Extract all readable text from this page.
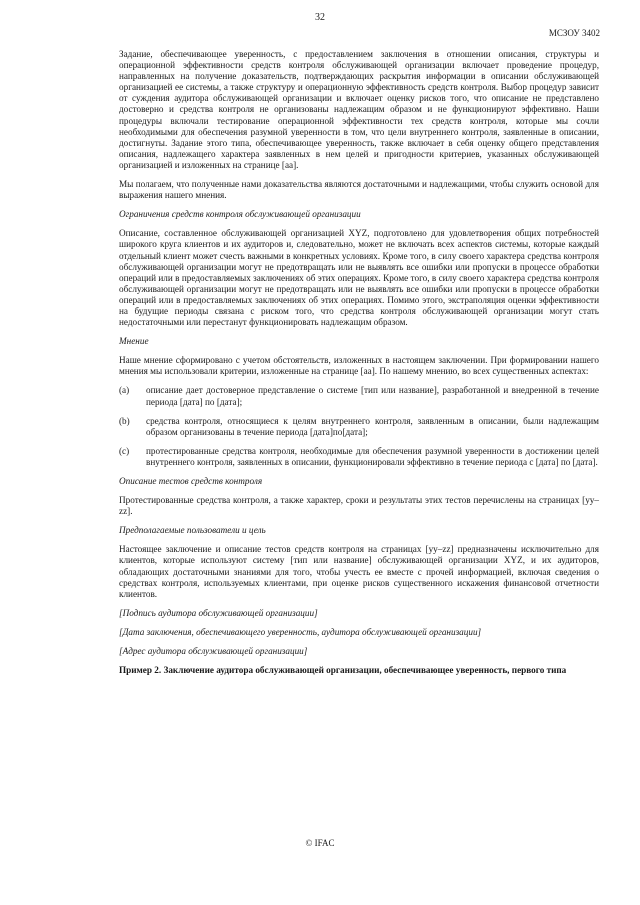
32
МСЗОУ 3402

Задание, обеспечивающее уверенность, с предоставлением заключения в отношении описания, структуры и операционной эффективности средств контроля обслуживающей организации включает проведение процедур, направленных на получение доказательств, подтверждающих раскрытия информации в описании обслуживающей организацией ее системы, а также структуру и операционную эффективность средств контроля. Выбор процедур зависит от суждения аудитора обслуживающей организации и включает оценку рисков того, что описание не представлено достоверно и средства контроля не организованы надлежащим образом и не функционируют эффективно. Наши процедуры включали тестирование операционной эффективности тех средств контроля, которые мы сочли необходимыми для обеспечения разумной уверенности в том, что цели внутреннего контроля, заявленные в описании, достигнуты. Задание этого типа, обеспечивающее уверенность, также включает в себя оценку общего представления описания, надлежащего характера заявленных в нем целей и пригодности критериев, указанных обслуживающей организацией и изложенных на странице [aa].

Мы полагаем, что полученные нами доказательства являются достаточными и надлежащими, чтобы служить основой для выражения нашего мнения.

Ограничения средств контроля обслуживающей организации

Описание, составленное обслуживающей организацией XYZ, подготовлено для удовлетворения общих потребностей широкого круга клиентов и их аудиторов и, следовательно, может не включать всех аспектов системы, которые каждый отдельный клиент может счесть важными в конкретных условиях. Кроме того, в силу своего характера средства контроля обслуживающей организации могут не предотвращать или не выявлять все ошибки или пропуски в процессе обработки операций или в предоставляемых заключениях об этих операциях. Кроме того, в силу своего характера средства контроля обслуживающей организации могут не предотвращать или не выявлять все ошибки или пропуски в процессе обработки операций или в предоставляемых заключениях об этих операциях. Помимо этого, экстраполяция оценки эффективности на будущие периоды связана с риском того, что средства контроля обслуживающей организации могут стать недостаточными или перестанут функционировать надлежащим образом.

Мнение

Наше мнение сформировано с учетом обстоятельств, изложенных в настоящем заключении. При формировании нашего мнения мы использовали критерии, изложенные на странице [aa]. По нашему мнению, во всех существенных аспектах:

(a)	описание дает достоверное представление о системе [тип или название], разработанной и внедренной в течение периода [дата] по [дата];
(b)	средства контроля, относящиеся к целям внутреннего контроля, заявленным в описании, были надлежащим образом организованы в течение периода [дата]по[дата];
(c)	протестированные средства контроля, необходимые для обеспечения разумной уверенности в достижении целей внутреннего контроля, заявленных в описании, функционировали эффективно в течение периода с [дата] по [дата].
Описание тестов средств контроля

Протестированные средства контроля, а также характер, сроки и результаты этих тестов перечислены на страницах [yy–zz].

Предполагаемые пользователи и цель

Настоящее заключение и описание тестов средств контроля на страницах [yy–zz] предназначены исключительно для клиентов, которые используют систему [тип или название] обслуживающей организации XYZ, и их аудиторов, обладающих достаточными знаниями для того, чтобы учесть ее вместе с прочей информацией, включая сведения о средствах контроля, используемых клиентами, при оценке рисков существенного искажения финансовой отчетности клиентов.

[Подпись аудитора обслуживающей организации]
[Дата заключения, обеспечивающего уверенность, аудитора обслуживающей организации]
[Адрес аудитора обслуживающей организации]
Пример 2. Заключение аудитора обслуживающей организации, обеспечивающее уверенность, первого типа
© IFAC
